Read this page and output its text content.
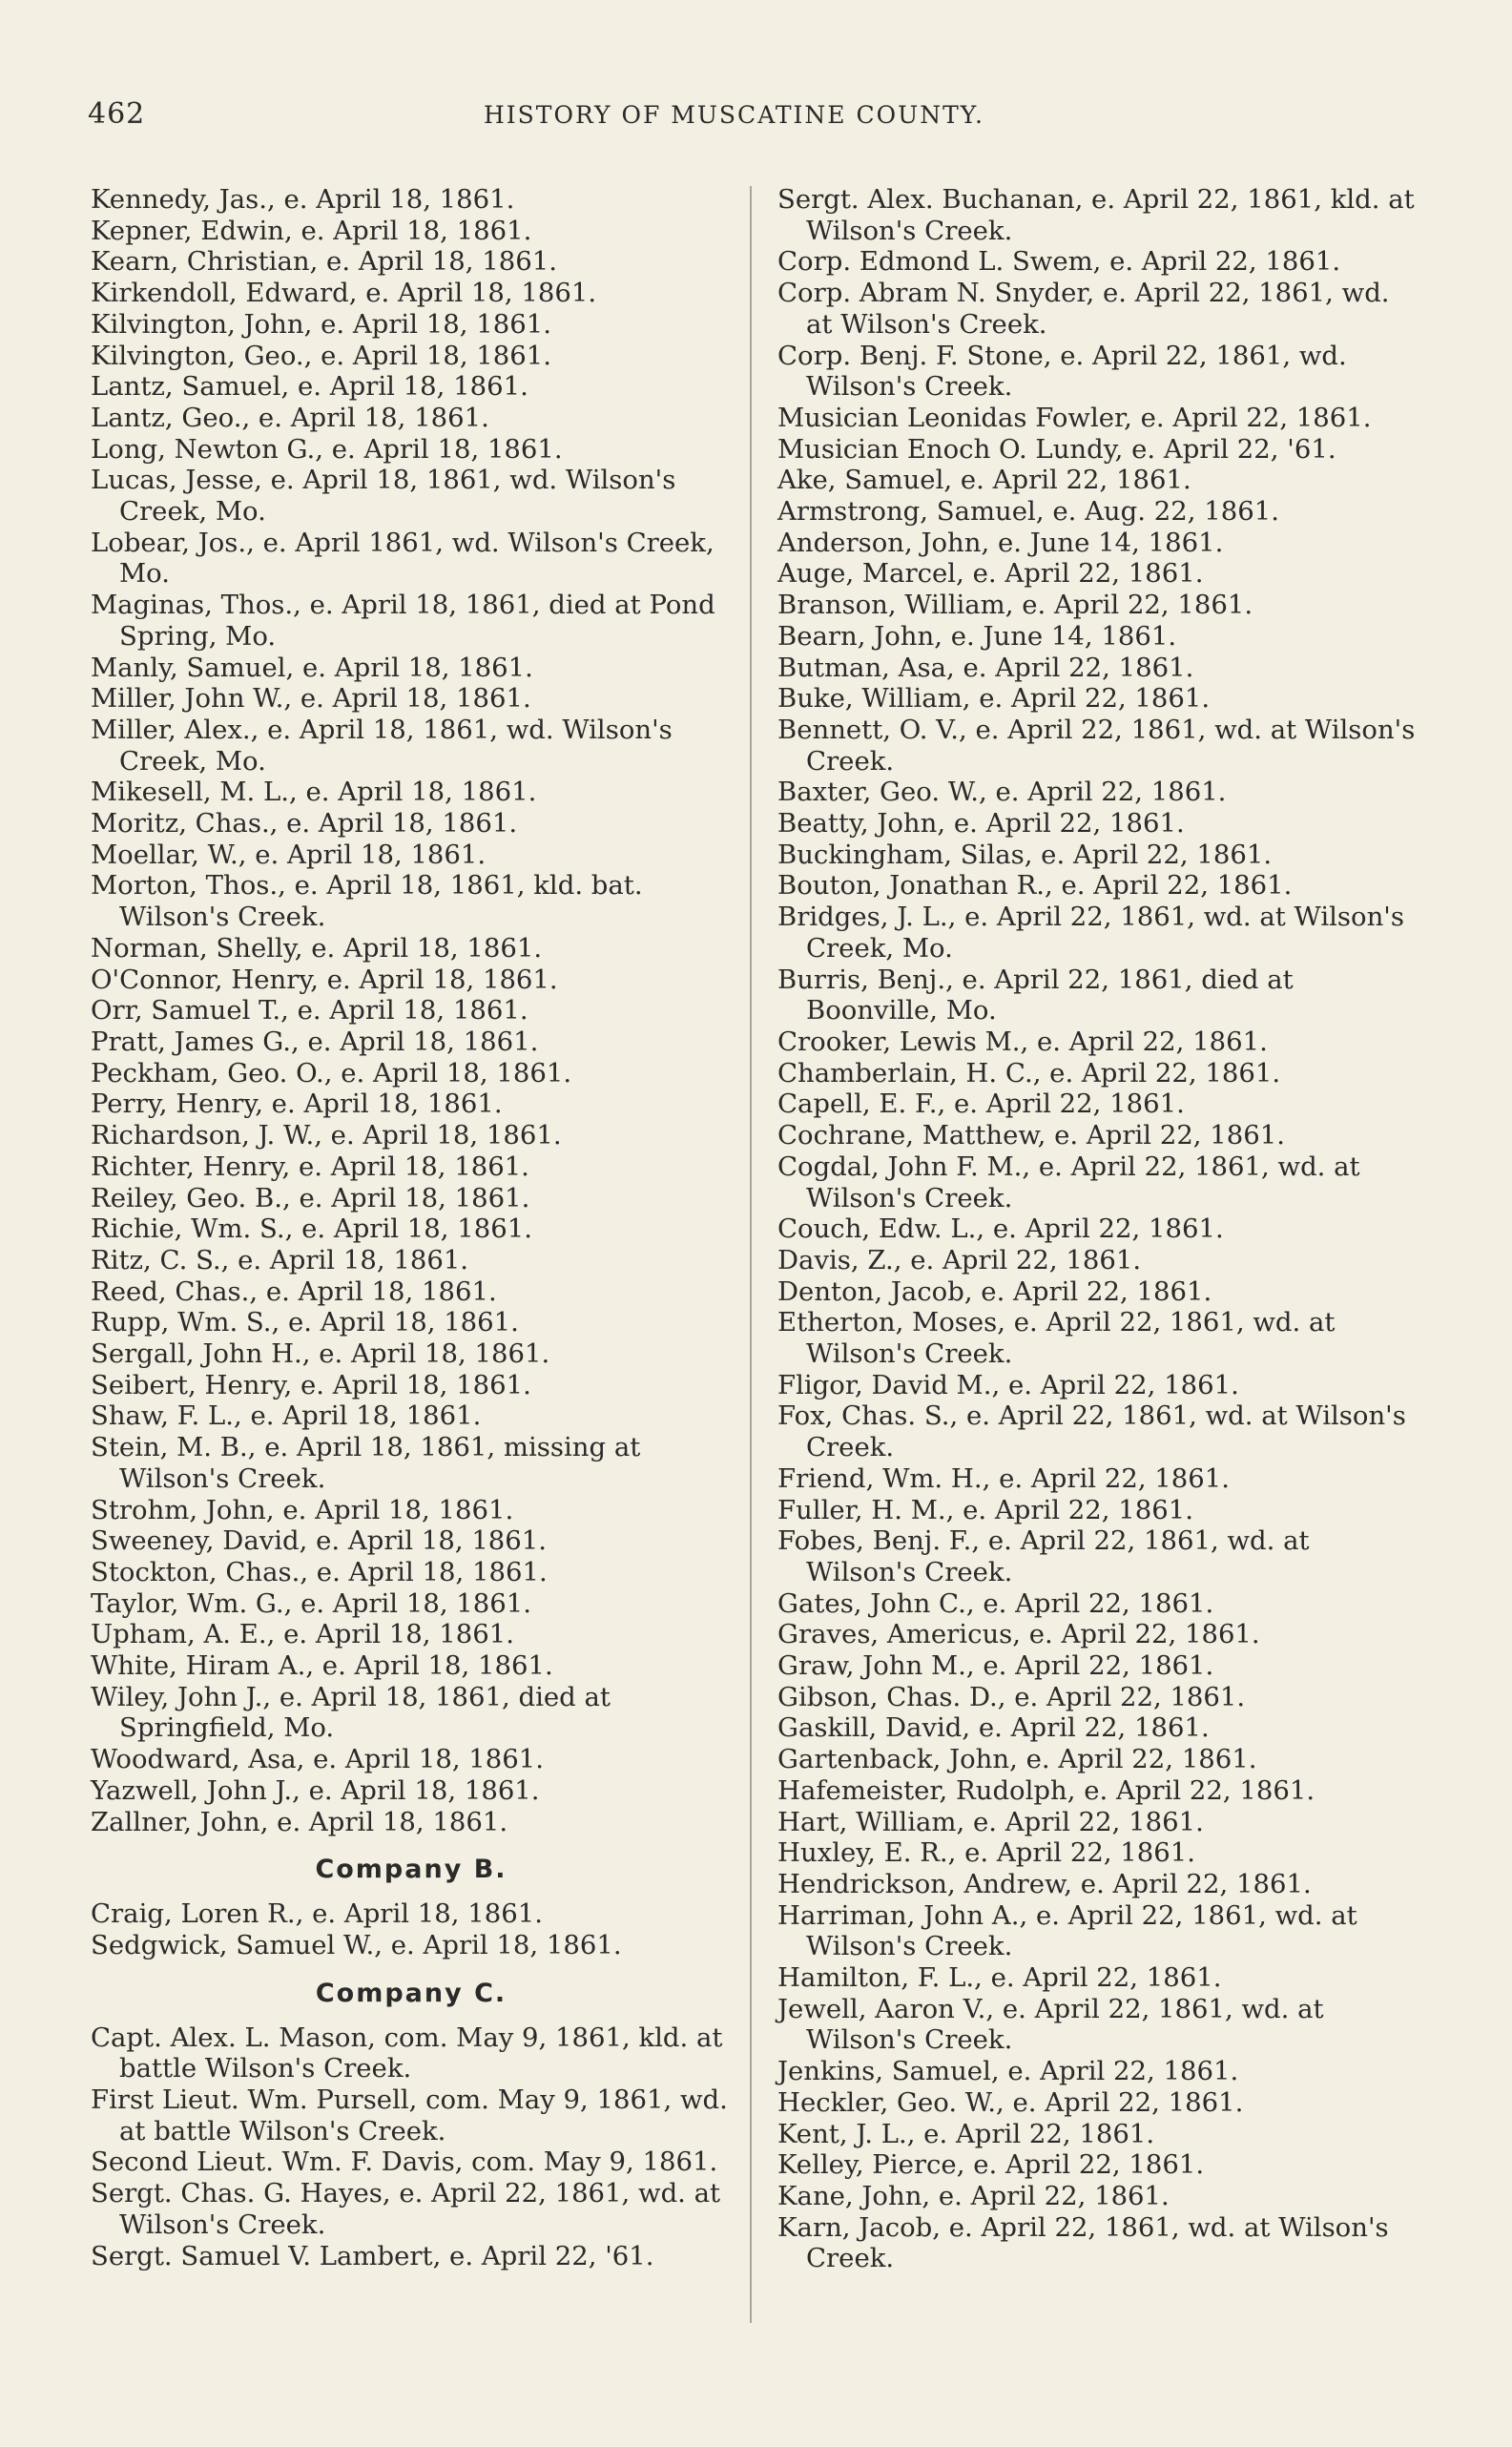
462	HISTORY OF MUSCATINE COUNTY.
Kennedy, Jas., e. April 18, 1861.
Kepner, Edwin, e. April 18, 1861.
Kearn, Christian, e. April 18, 1861.
Kirkendoll, Edward, e. April 18, 1861.
Kilvington, John, e. April 18, 1861.
Kilvington, Geo., e. April 18, 1861.
Lantz, Samuel, e. April 18, 1861.
Lantz, Geo., e. April 18, 1861.
Long, Newton G., e. April 18, 1861.
Lucas, Jesse, e. April 18, 1861, wd. Wilson's Creek, Mo.
Lobear, Jos., e. April 1861, wd. Wilson's Creek, Mo.
Maginas, Thos., e. April 18, 1861, died at Pond Spring, Mo.
Manly, Samuel, e. April 18, 1861.
Miller, John W., e. April 18, 1861.
Miller, Alex., e. April 18, 1861, wd. Wilson's Creek, Mo.
Mikesell, M. L., e. April 18, 1861.
Moritz, Chas., e. April 18, 1861.
Moellar, W., e. April 18, 1861.
Morton, Thos., e. April 18, 1861, kld. bat. Wilson's Creek.
Norman, Shelly, e. April 18, 1861.
O'Connor, Henry, e. April 18, 1861.
Orr, Samuel T., e. April 18, 1861.
Pratt, James G., e. April 18, 1861.
Peckham, Geo. O., e. April 18, 1861.
Perry, Henry, e. April 18, 1861.
Richardson, J. W., e. April 18, 1861.
Richter, Henry, e. April 18, 1861.
Reiley, Geo. B., e. April 18, 1861.
Richie, Wm. S., e. April 18, 1861.
Ritz, C. S., e. April 18, 1861.
Reed, Chas., e. April 18, 1861.
Rupp, Wm. S., e. April 18, 1861.
Sergall, John H., e. April 18, 1861.
Seibert, Henry, e. April 18, 1861.
Shaw, F. L., e. April 18, 1861.
Stein, M. B., e. April 18, 1861, missing at Wilson's Creek.
Strohm, John, e. April 18, 1861.
Sweeney, David, e. April 18, 1861.
Stockton, Chas., e. April 18, 1861.
Taylor, Wm. G., e. April 18, 1861.
Upham, A. E., e. April 18, 1861.
White, Hiram A., e. April 18, 1861.
Wiley, John J., e. April 18, 1861, died at Springfield, Mo.
Woodward, Asa, e. April 18, 1861.
Yazwell, John J., e. April 18, 1861.
Zallner, John, e. April 18, 1861.
Company B.
Craig, Loren R., e. April 18, 1861.
Sedgwick, Samuel W., e. April 18, 1861.
Company C.
Capt. Alex. L. Mason, com. May 9, 1861, kld. at battle Wilson's Creek.
First Lieut. Wm. Pursell, com. May 9, 1861, wd. at battle Wilson's Creek.
Second Lieut. Wm. F. Davis, com. May 9, 1861.
Sergt. Chas. G. Hayes, e. April 22, 1861, wd. at Wilson's Creek.
Sergt. Samuel V. Lambert, e. April 22, '61.
Sergt. Alex. Buchanan, e. April 22, 1861, kld. at Wilson's Creek.
Corp. Edmond L. Swem, e. April 22, 1861.
Corp. Abram N. Snyder, e. April 22, 1861, wd. at Wilson's Creek.
Corp. Benj. F. Stone, e. April 22, 1861, wd. Wilson's Creek.
Musician Leonidas Fowler, e. April 22, 1861.
Musician Enoch O. Lundy, e. April 22, '61.
Ake, Samuel, e. April 22, 1861.
Armstrong, Samuel, e. Aug. 22, 1861.
Anderson, John, e. June 14, 1861.
Auge, Marcel, e. April 22, 1861.
Branson, William, e. April 22, 1861.
Bearn, John, e. June 14, 1861.
Butman, Asa, e. April 22, 1861.
Buke, William, e. April 22, 1861.
Bennett, O. V., e. April 22, 1861, wd. at Wilson's Creek.
Baxter, Geo. W., e. April 22, 1861.
Beatty, John, e. April 22, 1861.
Buckingham, Silas, e. April 22, 1861.
Bouton, Jonathan R., e. April 22, 1861.
Bridges, J. L., e. April 22, 1861, wd. at Wilson's Creek, Mo.
Burris, Benj., e. April 22, 1861, died at Boonville, Mo.
Crooker, Lewis M., e. April 22, 1861.
Chamberlain, H. C., e. April 22, 1861.
Capell, E. F., e. April 22, 1861.
Cochrane, Matthew, e. April 22, 1861.
Cogdal, John F. M., e. April 22, 1861, wd. at Wilson's Creek.
Couch, Edw. L., e. April 22, 1861.
Davis, Z., e. April 22, 1861.
Denton, Jacob, e. April 22, 1861.
Etherton, Moses, e. April 22, 1861, wd. at Wilson's Creek.
Fligor, David M., e. April 22, 1861.
Fox, Chas. S., e. April 22, 1861, wd. at Wilson's Creek.
Friend, Wm. H., e. April 22, 1861.
Fuller, H. M., e. April 22, 1861.
Fobes, Benj. F., e. April 22, 1861, wd. at Wilson's Creek.
Gates, John C., e. April 22, 1861.
Graves, Americus, e. April 22, 1861.
Graw, John M., e. April 22, 1861.
Gibson, Chas. D., e. April 22, 1861.
Gaskill, David, e. April 22, 1861.
Gartenback, John, e. April 22, 1861.
Hafemeister, Rudolph, e. April 22, 1861.
Hart, William, e. April 22, 1861.
Huxley, E. R., e. April 22, 1861.
Hendrickson, Andrew, e. April 22, 1861.
Harriman, John A., e. April 22, 1861, wd. at Wilson's Creek.
Hamilton, F. L., e. April 22, 1861.
Jewell, Aaron V., e. April 22, 1861, wd. at Wilson's Creek.
Jenkins, Samuel, e. April 22, 1861.
Heckler, Geo. W., e. April 22, 1861.
Kent, J. L., e. April 22, 1861.
Kelley, Pierce, e. April 22, 1861.
Kane, John, e. April 22, 1861.
Karn, Jacob, e. April 22, 1861, wd. at Wilson's Creek.
